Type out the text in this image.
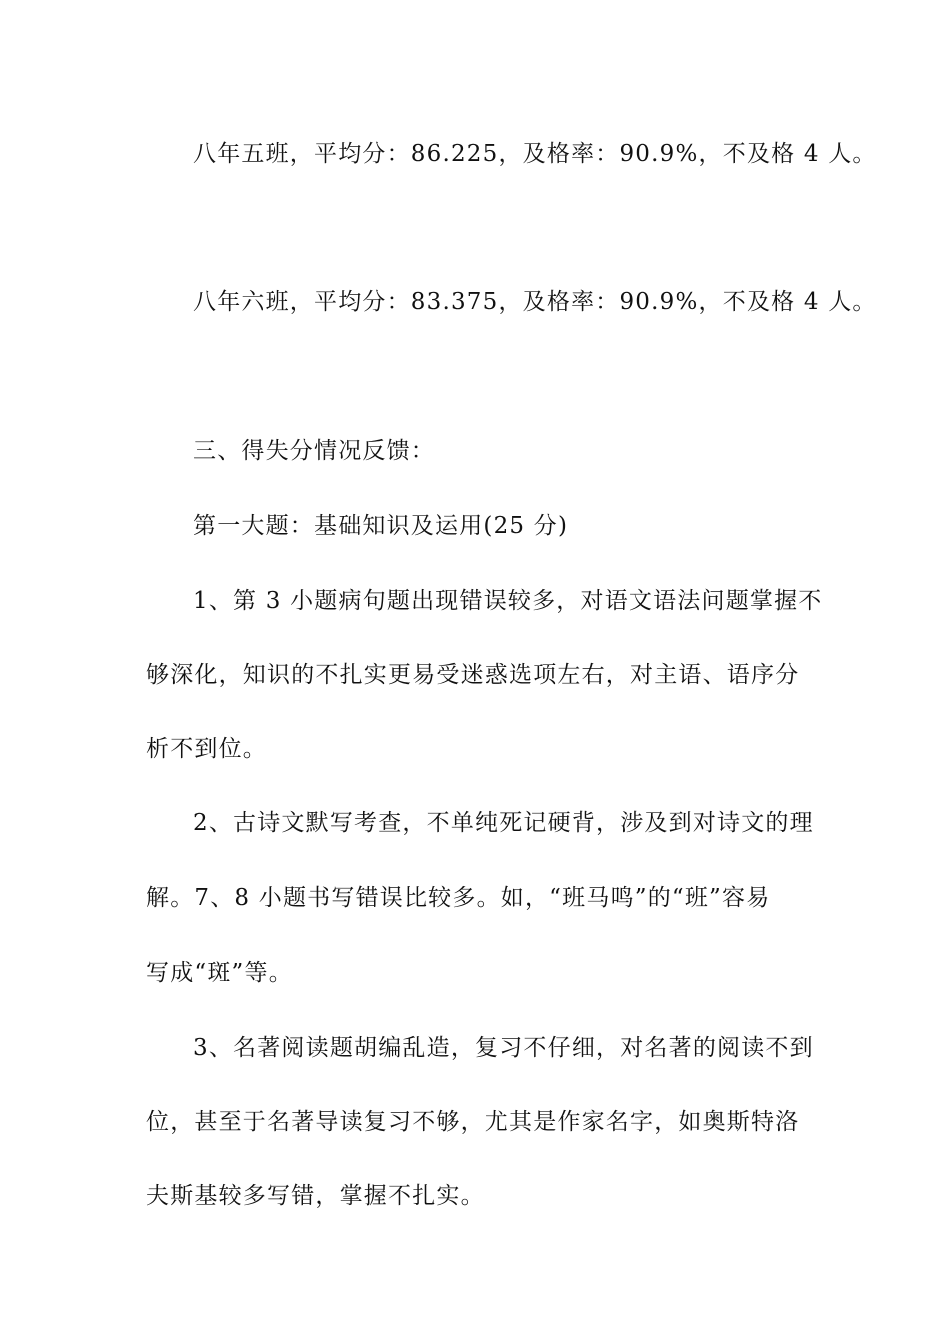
八年五班，平均分：86.225，及格率：90.9%，不及格 4 人。
八年六班，平均分：83.375，及格率：90.9%，不及格 4 人。
三、得失分情况反馈：
第一大题：基础知识及运用(25 分)
1、第 3 小题病句题出现错误较多，对语文语法问题掌握不
够深化，知识的不扎实更易受迷惑选项左右，对主语、语序分
析不到位。
2、古诗文默写考查，不单纯死记硬背，涉及到对诗文的理
解。7、8 小题书写错误比较多。如，“班马鸣”的“班”容易
写成“斑”等。
3、名著阅读题胡编乱造，复习不仔细，对名著的阅读不到
位，甚至于名著导读复习不够，尤其是作家名字，如奥斯特洛
夫斯基较多写错，掌握不扎实。
